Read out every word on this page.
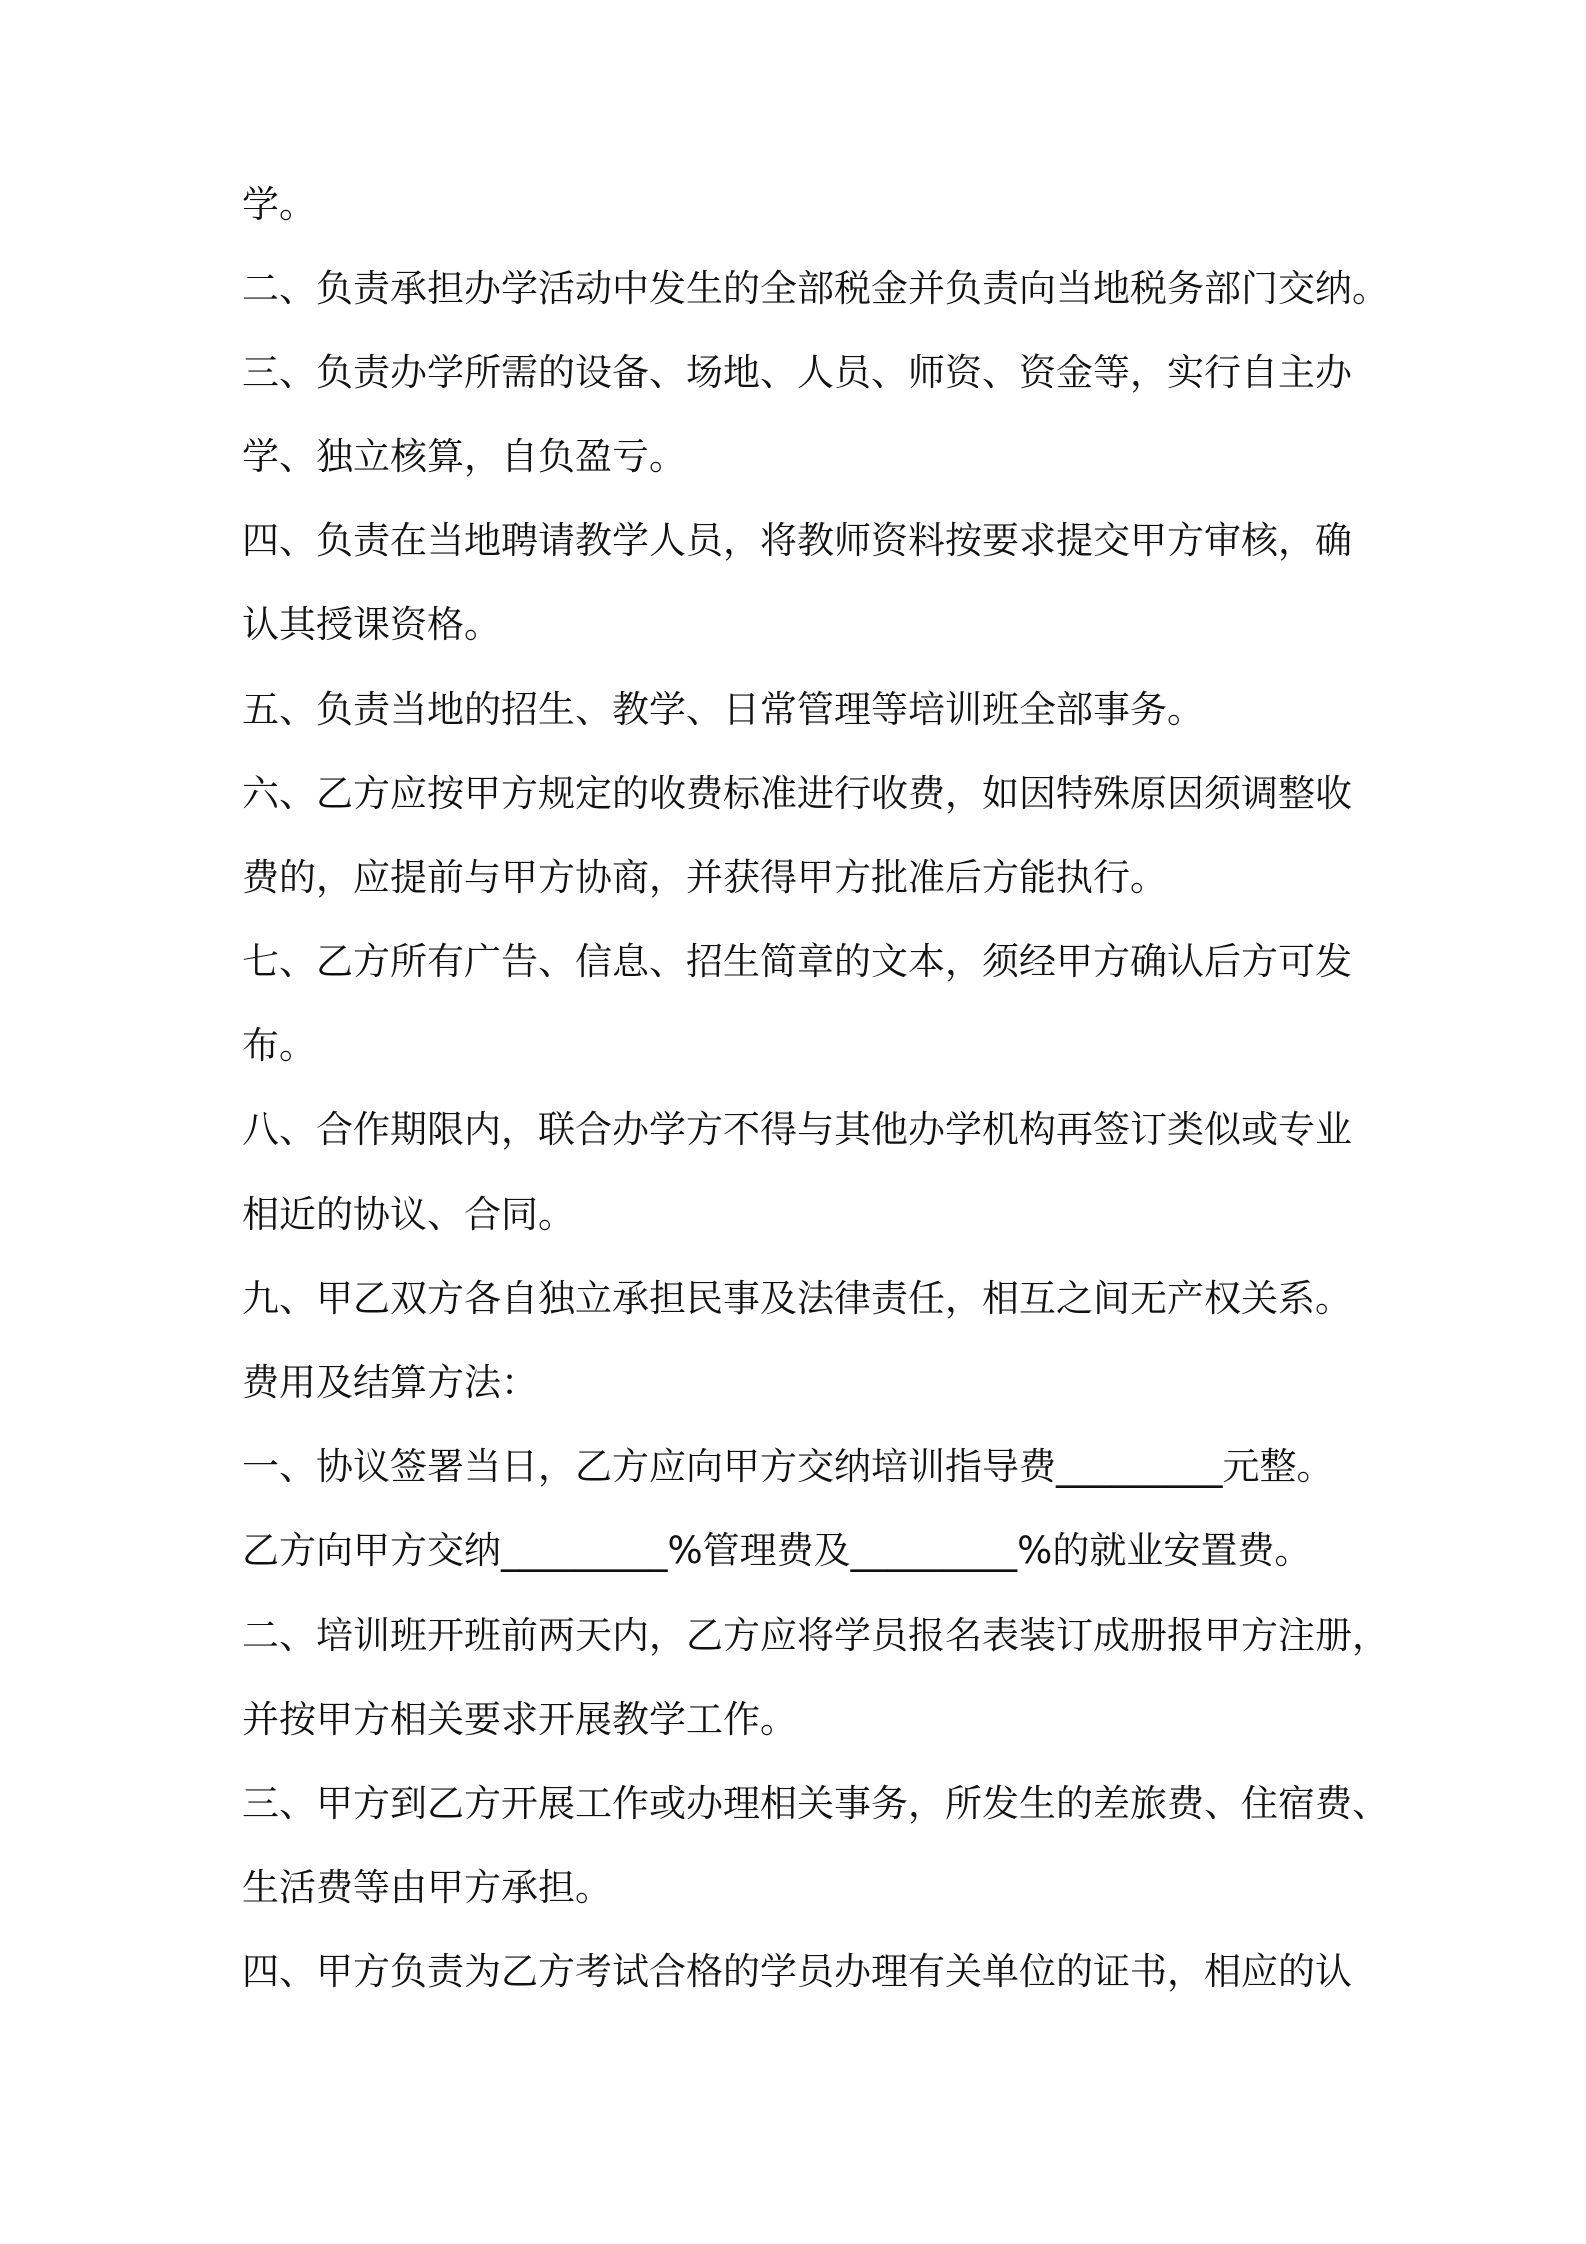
学。
二、负责承担办学活动中发生的全部税金并负责向当地税务部门交纳。
三、负责办学所需的设备、场地、人员、师资、资金等，实行自主办
学、独立核算，自负盈亏。
四、负责在当地聘请教学人员，将教师资料按要求提交甲方审核，确
认其授课资格。
五、负责当地的招生、教学、日常管理等培训班全部事务。
六、乙方应按甲方规定的收费标准进行收费，如因特殊原因须调整收
费的，应提前与甲方协商，并获得甲方批准后方能执行。
七、乙方所有广告、信息、招生简章的文本，须经甲方确认后方可发
布。
八、合作期限内，联合办学方不得与其他办学机构再签订类似或专业
相近的协议、合同。
九、甲乙双方各自独立承担民事及法律责任，相互之间无产权关系。
费用及结算方法：
一、协议签署当日，乙方应向甲方交纳培训指导费_________元整。
乙方向甲方交纳_________%管理费及_________%的就业安置费。
二、培训班开班前两天内，乙方应将学员报名表装订成册报甲方注册，
并按甲方相关要求开展教学工作。
三、甲方到乙方开展工作或办理相关事务，所发生的差旅费、住宿费、
生活费等由甲方承担。
四、甲方负责为乙方考试合格的学员办理有关单位的证书，相应的认
